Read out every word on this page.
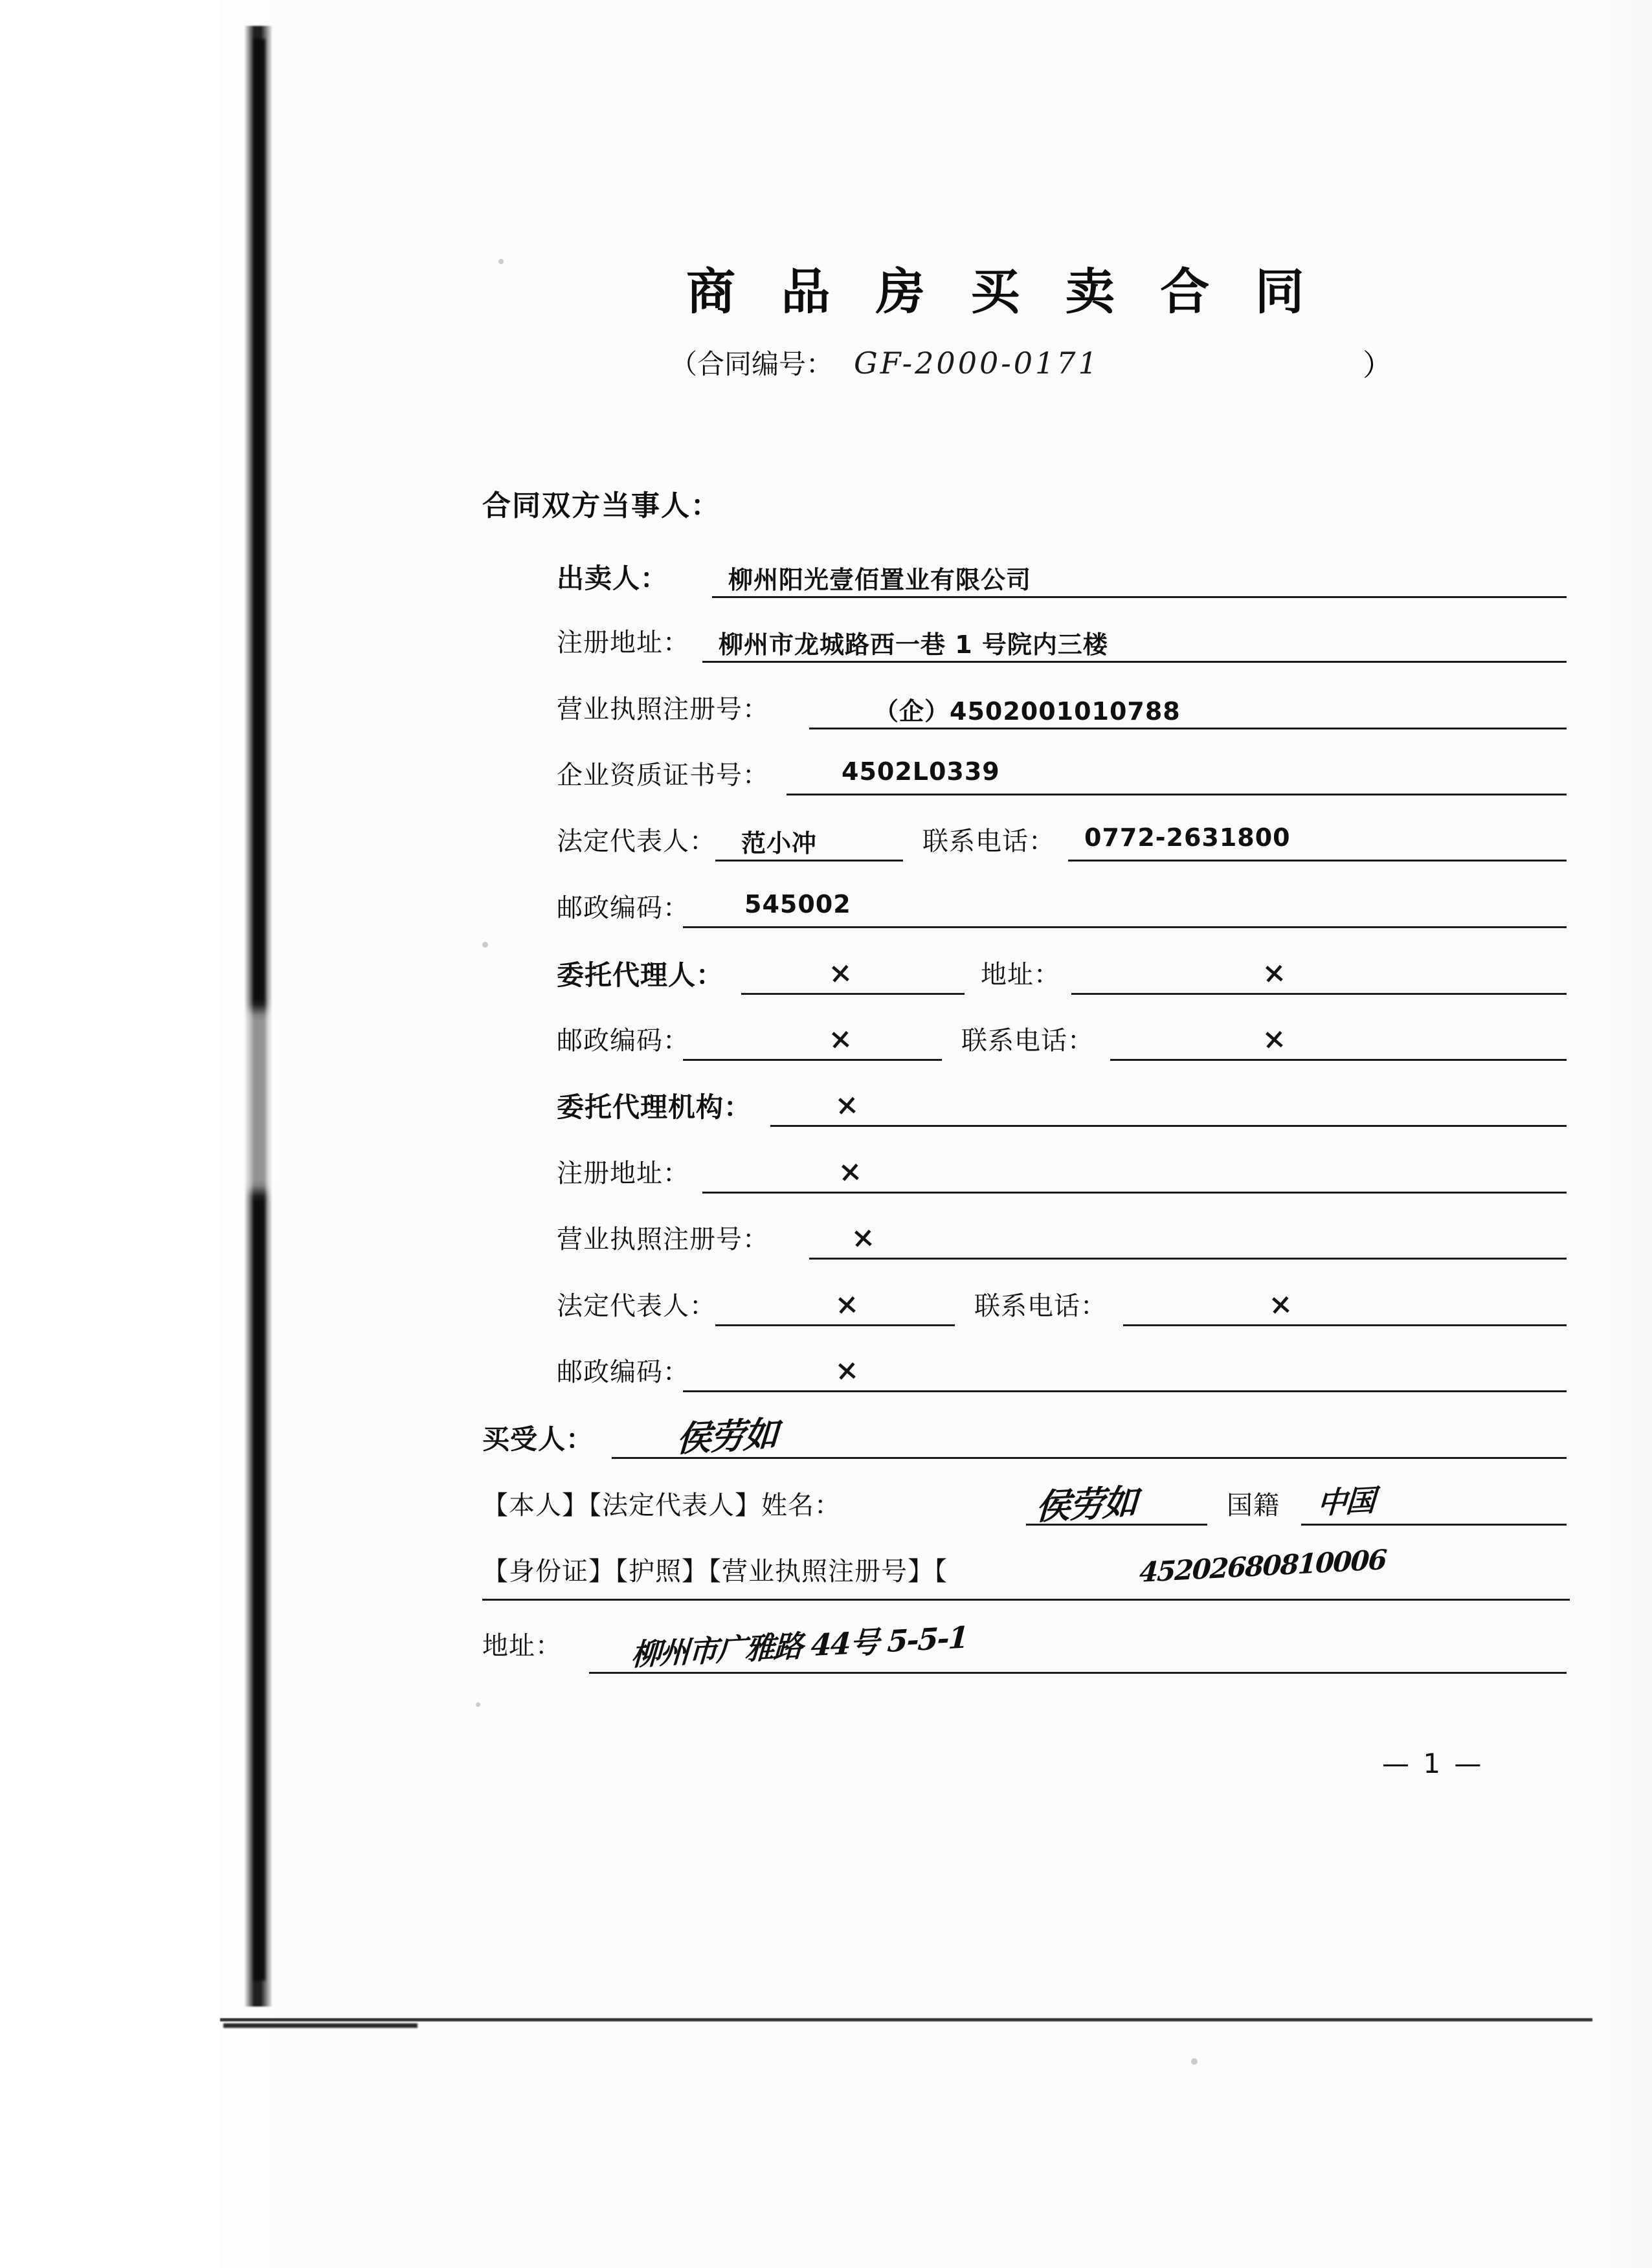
商 品 房 买 卖 合 同
（合同编号： GF-2000-0171	）
合同双方当事人：
出卖人： 柳州阳光壹佰置业有限公司
注册地址： 柳州市龙城路西一巷 1 号院内三楼
营业执照注册号：	（企）4502001010788
企业资质证书号：	4502L0339
法定代表人： 范小冲	联系电话： 0772-2631800
邮政编码： 545002
委托代理人：	×	地址：	×
邮政编码：	×	联系电话：	×
委托代理机构：	×
注册地址：	×
营业执照注册号：	×
法定代表人：	×	联系电话：	×
邮政编码：	×
买受人： 侯劳如
【本人】【法定代表人】姓名：	侯劳如	国籍 中国
【身份证】【护照】【营业执照注册号】【	45202680810006
地址： 柳州市广雅路 44号 5-5-1
— 1 —
